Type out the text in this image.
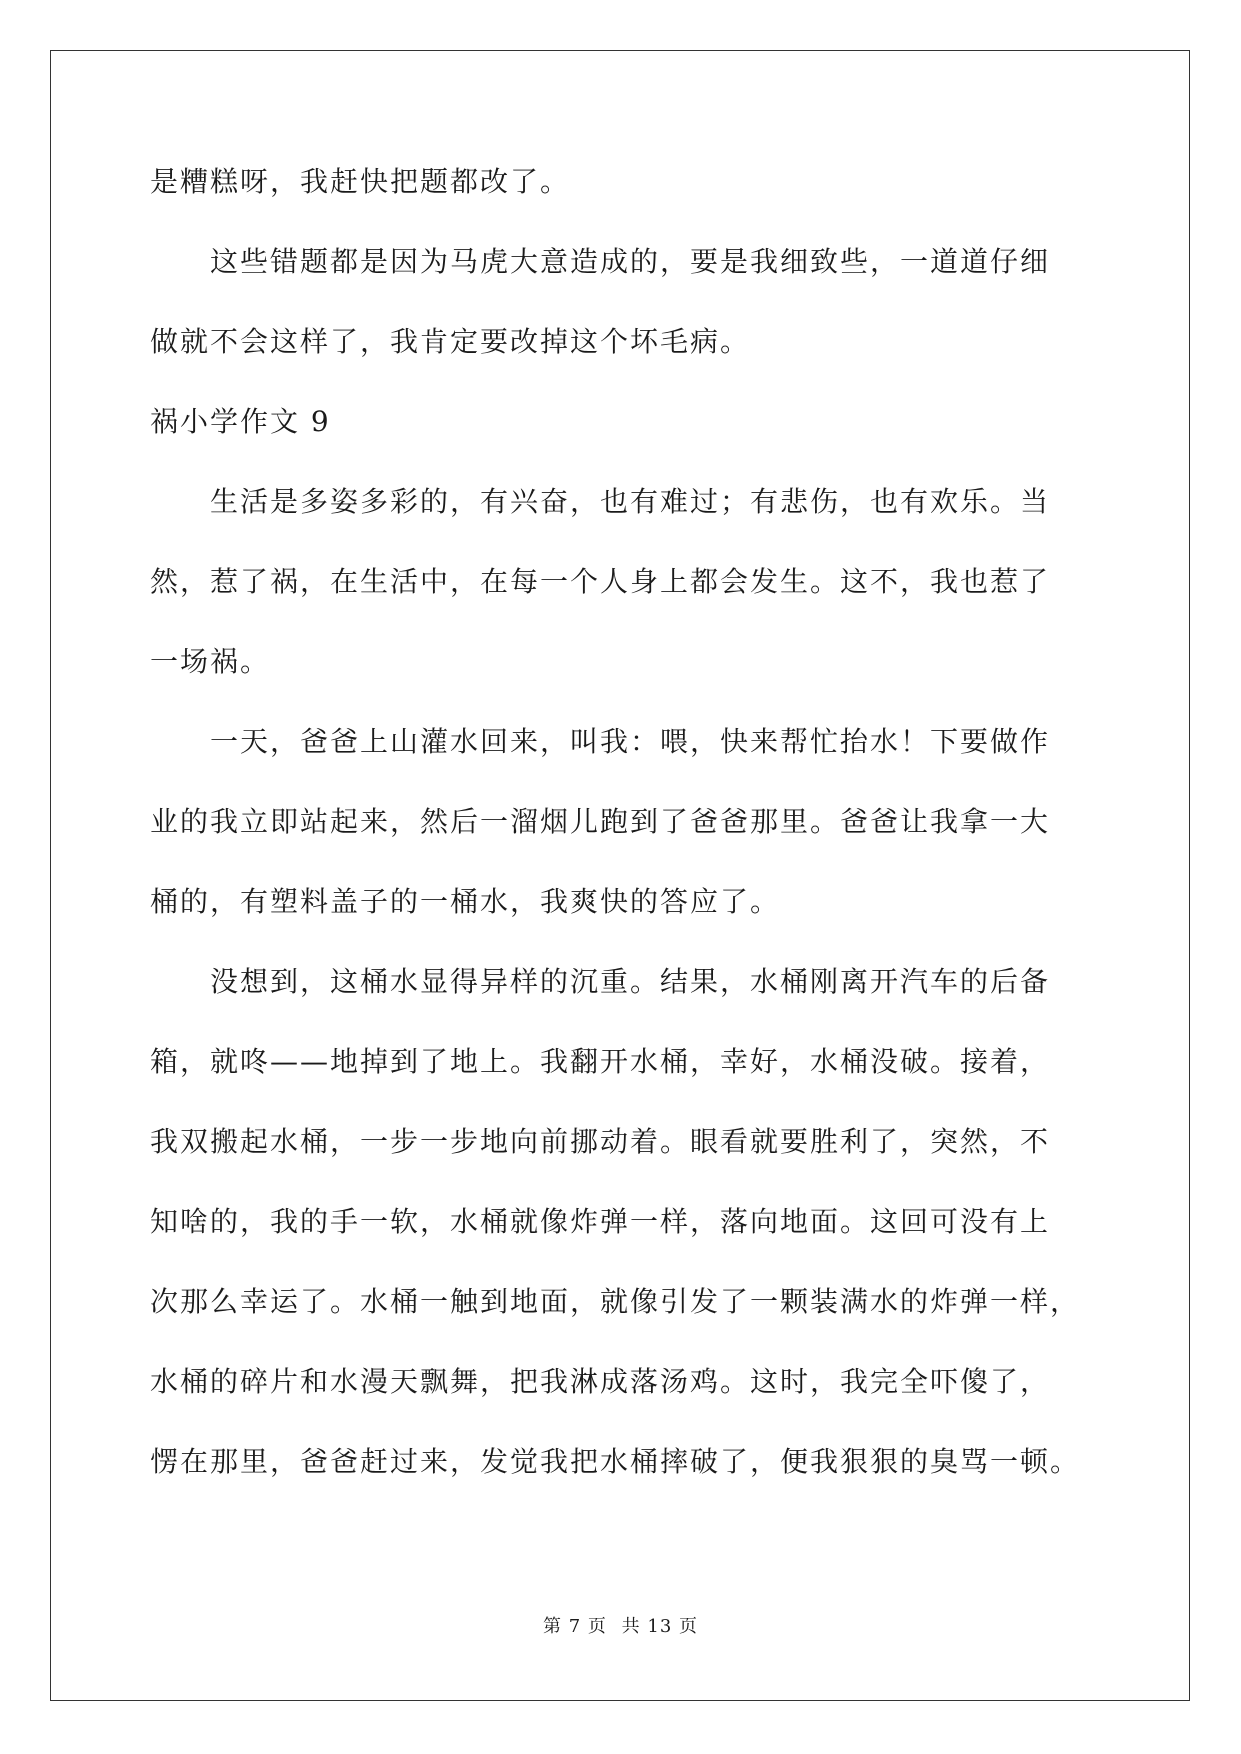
是糟糕呀，我赶快把题都改了。
　　这些错题都是因为马虎大意造成的，要是我细致些，一道道仔细
做就不会这样了，我肯定要改掉这个坏毛病。
祸小学作文 9
　　生活是多姿多彩的，有兴奋，也有难过；有悲伤，也有欢乐。当
然，惹了祸，在生活中，在每一个人身上都会发生。这不，我也惹了
一场祸。
　　一天，爸爸上山灌水回来，叫我：喂，快来帮忙抬水！下要做作
业的我立即站起来，然后一溜烟儿跑到了爸爸那里。爸爸让我拿一大
桶的，有塑料盖子的一桶水，我爽快的答应了。
　　没想到，这桶水显得异样的沉重。结果，水桶刚离开汽车的后备
箱，就咚——地掉到了地上。我翻开水桶，幸好，水桶没破。接着，
我双搬起水桶，一步一步地向前挪动着。眼看就要胜利了，突然，不
知啥的，我的手一软，水桶就像炸弹一样，落向地面。这回可没有上
次那么幸运了。水桶一触到地面，就像引发了一颗装满水的炸弹一样，
水桶的碎片和水漫天飘舞，把我淋成落汤鸡。这时，我完全吓傻了，
愣在那里，爸爸赶过来，发觉我把水桶摔破了，便我狠狠的臭骂一顿。
第 7 页 共 13 页
